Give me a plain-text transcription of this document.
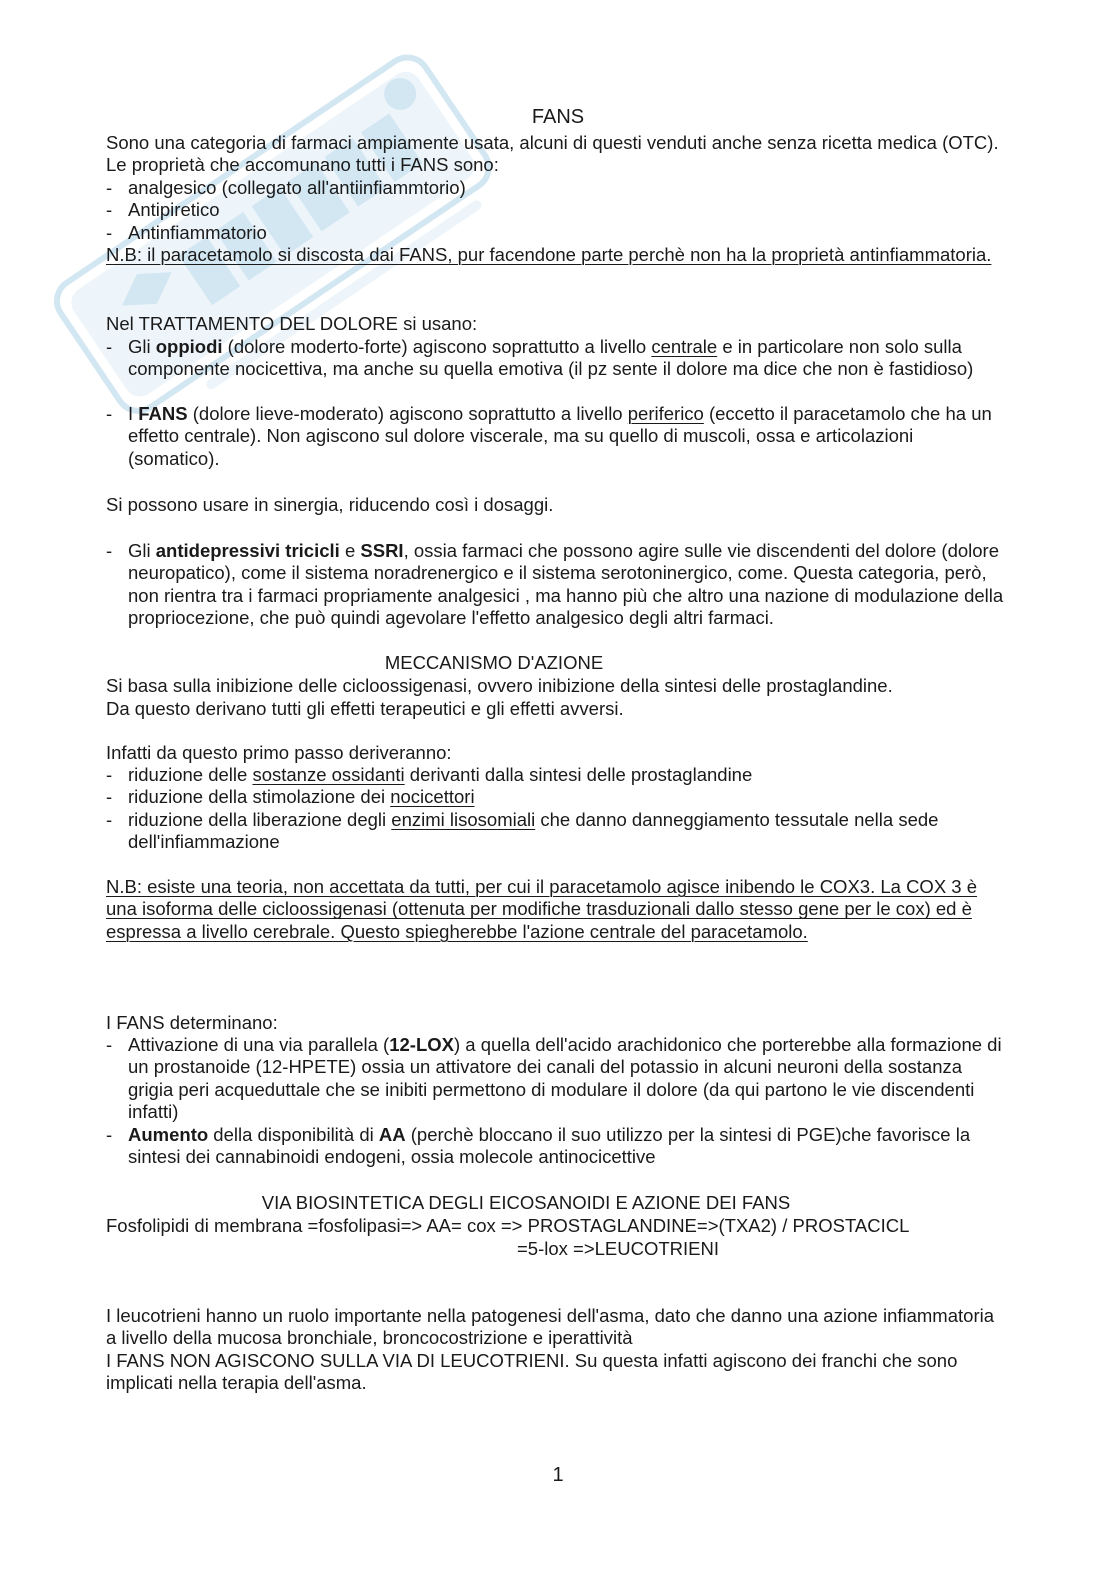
FANS

Sono una categoria di farmaci ampiamente usata, alcuni di questi venduti anche senza ricetta medica (OTC). Le proprietà che accomunano tutti i FANS sono:

- analgesico (collegato all'antiinfiammtorio)
- Antipiretico
- Antinfiammatorio

N.B: il paracetamolo si discosta dai FANS, pur facendone parte perchè non ha la proprietà antinfiammatoria.

Nel TRATTAMENTO DEL DOLORE si usano:

- Gli oppiodi (dolore moderto-forte) agiscono soprattutto a livello centrale e in particolare non solo sulla componente nocicettiva, ma anche su quella emotiva (il pz sente il dolore ma dice che non è fastidioso)
- I FANS (dolore lieve-moderato) agiscono soprattutto a livello periferico (eccetto il paracetamolo che ha un effetto centrale). Non agiscono sul dolore viscerale, ma su quello di muscoli, ossa e articolazioni (somatico).

Si possono usare in sinergia, riducendo così i dosaggi.

- Gli antidepressivi tricicli e SSRI, ossia farmaci che possono agire sulle vie discendenti del dolore (dolore neuropatico), come il sistema noradrenergico e il sistema serotoninergico, come. Questa categoria, però, non rientra tra i farmaci propriamente analgesici , ma hanno più che altro una nazione di modulazione della propriocezione, che può quindi agevolare l'effetto analgesico degli altri farmaci.
MECCANISMO D'AZIONE

Si basa sulla inibizione delle cicloossigenasi, ovvero inibizione della sintesi delle prostaglandine.

Da questo derivano tutti gli effetti terapeutici e gli effetti avversi.

Infatti da questo primo passo deriveranno:

- riduzione delle sostanze ossidanti derivanti dalla sintesi delle prostaglandine
- riduzione della stimolazione dei nocicettori
- riduzione della liberazione degli enzimi lisosomiali che danno danneggiamento tessutale nella sede dell'infiammazione

N.B: esiste una teoria, non accettata da tutti, per cui il paracetamolo agisce inibendo le COX3. La COX 3 è una isoforma delle cicloossigenasi (ottenuta per modifiche trasduzionali dallo stesso gene per le cox) ed è espressa a livello cerebrale. Questo spiegherebbe l'azione centrale del paracetamolo.

I FANS determinano:

- Attivazione di una via parallela (12-LOX) a quella dell'acido arachidonico che porterebbe alla formazione di un prostanoide (12-HPETE) ossia un attivatore dei canali del potassio in alcuni neuroni della sostanza grigia peri acqueduttale che se inibiti permettono di modulare il dolore (da qui partono le vie discendenti infatti)
- Aumento della disponibilità di AA (perchè bloccano il suo utilizzo per la sintesi di PGE)che favorisce la sintesi dei cannabinoidi endogeni, ossia molecole antinocicettive
VIA BIOSINTETICA DEGLI EICOSANOIDI E AZIONE DEI FANS

Fosfolipidi di membrana =fosfolipasi=> AA= cox => PROSTAGLANDINE=>(TXA2) / PROSTACICL

=5-lox =>LEUCOTRIENI

I leucotrieni hanno un ruolo importante nella patogenesi dell'asma, dato che danno una azione infiammatoria a livello della mucosa bronchiale, broncocostrizione e iperattività

I FANS NON AGISCONO SULLA VIA DI LEUCOTRIENI. Su questa infatti agiscono dei franchi che sono implicati nella terapia dell'asma.

1
